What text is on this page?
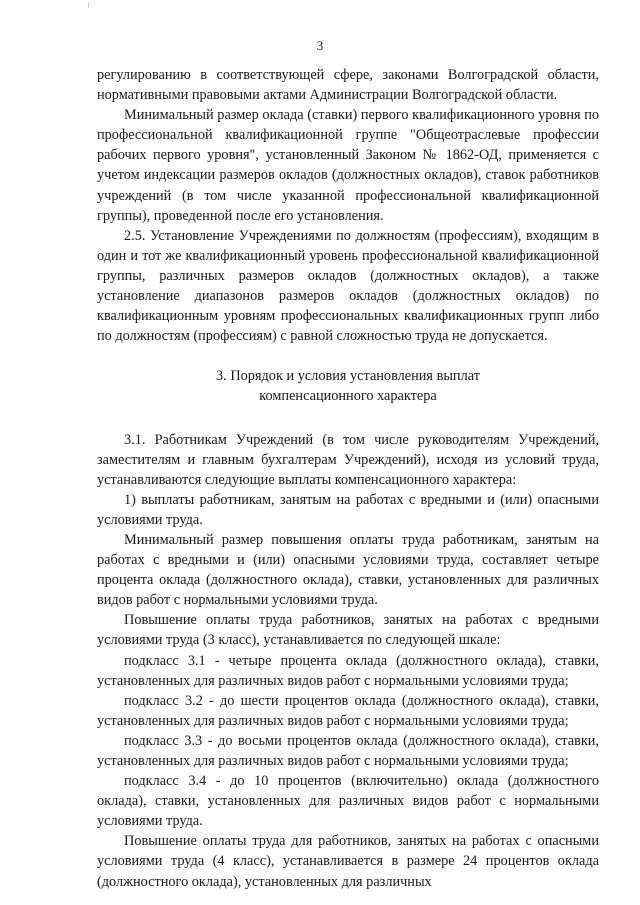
3

регулированию в соответствующей сфере, законами Волгоградской области, нормативными правовыми актами Администрации Волгоградской области.

Минимальный размер оклада (ставки) первого квалификационного уровня по профессиональной квалификационной группе "Общеотраслевые профессии рабочих первого уровня", установленный Законом № 1862-ОД, применяется с учетом индексации размеров окладов (должностных окладов), ставок работников учреждений (в том числе указанной профессиональной квалификационной группы), проведенной после его установления.

2.5. Установление Учреждениями по должностям (профессиям), входящим в один и тот же квалификационный уровень профессиональной квалификационной группы, различных размеров окладов (должностных окладов), а также установление диапазонов размеров окладов (должностных окладов) по квалификационным уровням профессиональных квалификационных групп либо по должностям (профессиям) с равной сложностью труда не допускается.

3. Порядок и условия установления выплат
компенсационного характера

3.1. Работникам Учреждений (в том числе руководителям Учреждений, заместителям и главным бухгалтерам Учреждений), исходя из условий труда, устанавливаются следующие выплаты компенсационного характера:

1) выплаты работникам, занятым на работах с вредными и (или) опасными условиями труда.

Минимальный размер повышения оплаты труда работникам, занятым на работах с вредными и (или) опасными условиями труда, составляет четыре процента оклада (должностного оклада), ставки, установленных для различных видов работ с нормальными условиями труда.

Повышение оплаты труда работников, занятых на работах с вредными условиями труда (3 класс), устанавливается по следующей шкале:

подкласс 3.1 - четыре процента оклада (должностного оклада), ставки, установленных для различных видов работ с нормальными условиями труда;

подкласс 3.2 - до шести процентов оклада (должностного оклада), ставки, установленных для различных видов работ с нормальными условиями труда;

подкласс 3.3 - до восьми процентов оклада (должностного оклада), ставки, установленных для различных видов работ с нормальными условиями труда;

подкласс 3.4 - до 10 процентов (включительно) оклада (должностного оклада), ставки, установленных для различных видов работ с нормальными условиями труда.

Повышение оплаты труда для работников, занятых на работах с опасными условиями труда (4 класс), устанавливается в размере 24 процентов оклада (должностного оклада), установленных для различных
